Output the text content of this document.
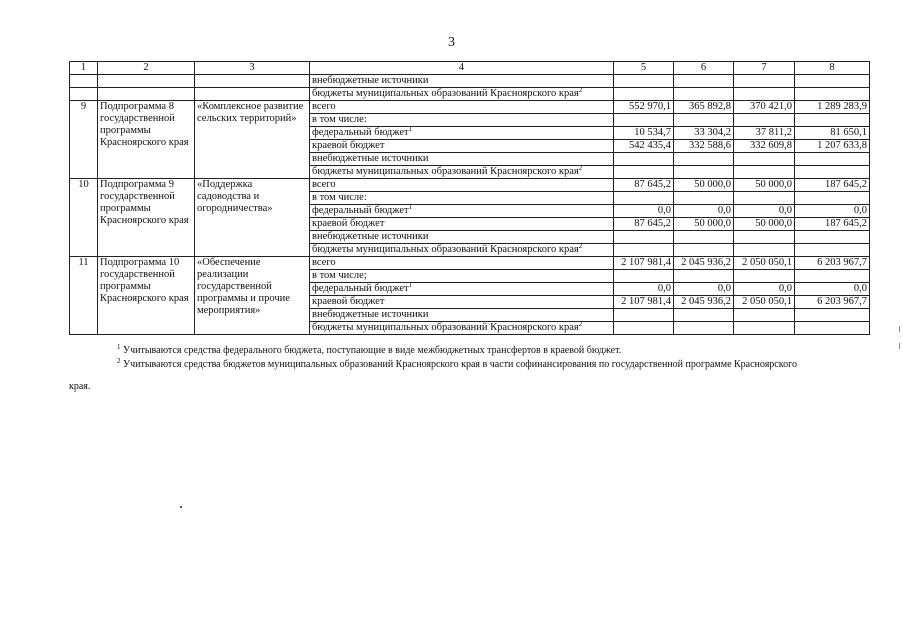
3
1	2	3	4	5	6	7	8
			внебюджетные источники				
			бюджеты муниципальных образований Красноярского края$^2$				
9	Подпрограмма 8 государственной программы Красноярского края	«Комплексное развитие сельских территорий»	всего	552 970,1	365 892,8	370 421,0	1 289 283,9
			в том числе:				
			федеральный бюджет$^1$	10 534,7	33 304,2	37 811,2	81 650,1
			краевой бюджет	542 435,4	332 588,6	332 609,8	1 207 633,8
			внебюджетные источники				
			бюджеты муниципальных образований Красноярского края$^2$				
10	Подпрограмма 9 государственной программы Красноярского края	«Поддержка садоводства и огородничества»	всего	87 645,2	50 000,0	50 000,0	187 645,2
			в том числе:				
			федеральный бюджет$^1$	0,0	0,0	0,0	0,0
			краевой бюджет	87 645,2	50 000,0	50 000,0	187 645,2
			внебюджетные источники				
			бюджеты муниципальных образований Красноярского края$^2$				
11	Подпрограмма 10 государственной программы Красноярского края	«Обеспечение реализации государственной программы и прочие мероприятия»	всего	2 107 981,4	2 045 936,2	2 050 050,1	6 203 967,7
			в том числе;				
			федеральный бюджет$^1$	0,0	0,0	0,0	0,0
			краевой бюджет	2 107 981,4	2 045 936,2	2 050 050,1	6 203 967,7
			внебюджетные источники				
			бюджеты муниципальных образований Красноярского края$^2$				
$^1$ Учитываются средства федерального бюджета, поступающие в виде межбюджетных трансфертов в краевой бюджет.
$^2$ Учитываются средства бюджетов муниципальных образований Красноярского края в части софинансирования по государственной программе Красноярского
края.
